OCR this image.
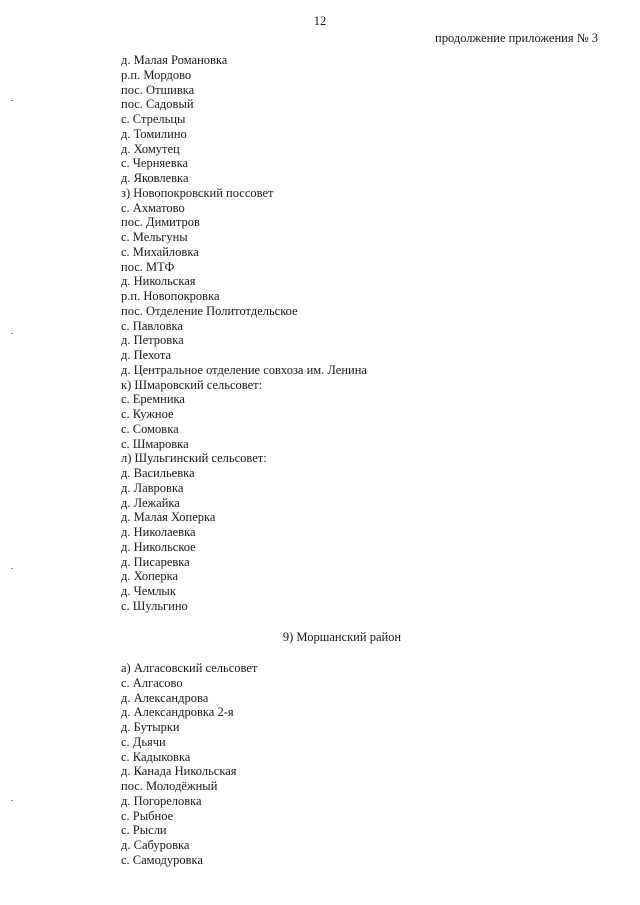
12
продолжение приложения № 3
д. Малая Романовка
р.п. Мордово
пос. Отшивка
пос. Садовый
с. Стрельцы
д. Томилино
д. Хомутец
с. Черняевка
д. Яковлевка
з) Новопокровский поссовет
с. Ахматово
пос. Димитров
с. Мельгуны
с. Михайловка
пос. МТФ
д. Никольская
р.п. Новопокровка
пос. Отделение Политотдельское
с. Павловка
д. Петровка
д. Пехота
д. Центральное отделение совхоза им. Ленина
к) Шмаровский сельсовет:
с. Еремника
с. Кужное
с. Сомовка
с. Шмаровка
л) Шульгинский сельсовет:
д. Васильевка
д. Лавровка
д. Лежайка
д. Малая Хоперка
д. Николаевка
д. Никольское
д. Писаревка
д. Хоперка
д. Чемлык
с. Шульгино
9) Моршанский район
а) Алгасовский сельсовет
с. Алгасово
д. Александрова
д. Александровка 2-я
д. Бутырки
с. Дьячи
с. Кадыковка
д. Канада Никольская
пос. Молодёжный
д. Погореловка
с. Рыбное
с. Рысли
д. Сабуровка
с. Самодуровка
